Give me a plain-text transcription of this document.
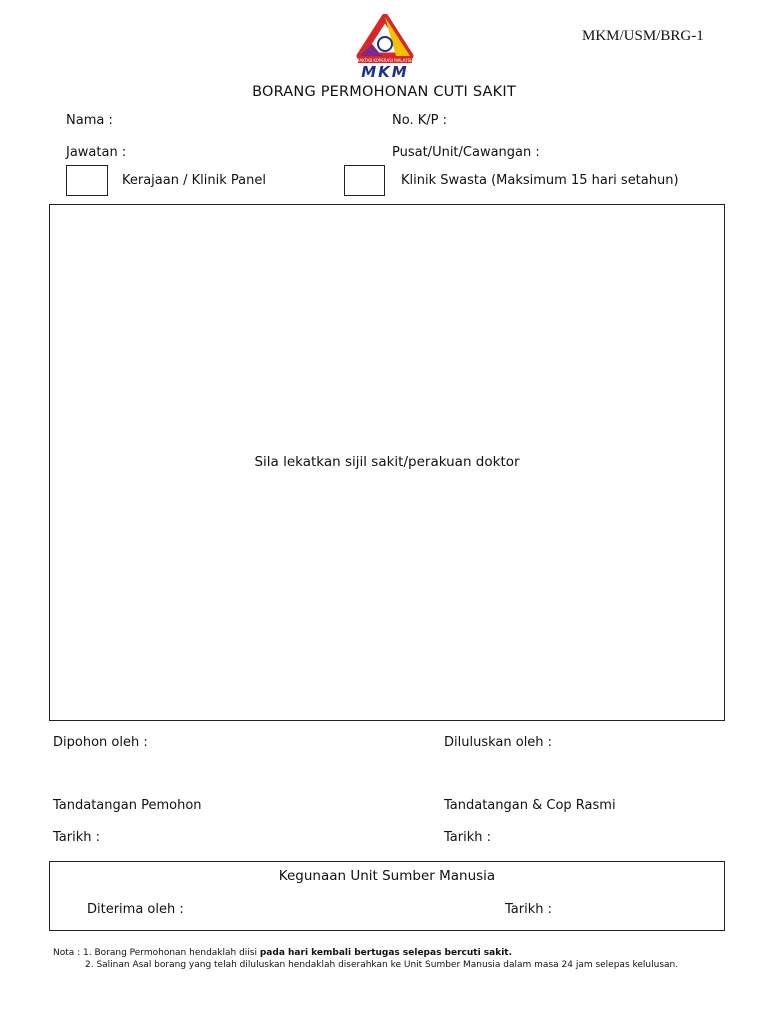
MAKTAB KOPERASI MALAYSIA
MKM
MKM/USM/BRG-1
BORANG PERMOHONAN CUTI SAKIT
Nama :	No. K/P :
Jawatan :	Pusat/Unit/Cawangan :
Kerajaan / Klinik Panel	Klinik Swasta (Maksimum 15 hari setahun)
Sila lekatkan sijil sakit/perakuan doktor
Dipohon oleh :	Diluluskan oleh :
Tandatangan Pemohon	Tandatangan & Cop Rasmi
Tarikh :	Tarikh :
Kegunaan Unit Sumber Manusia
Diterima oleh :	Tarikh :
Nota : 1. Borang Permohonan hendaklah diisi pada hari kembali bertugas selepas bercuti sakit.
2. Salinan Asal borang yang telah diluluskan hendaklah diserahkan ke Unit Sumber Manusia dalam masa 24 jam selepas kelulusan.
